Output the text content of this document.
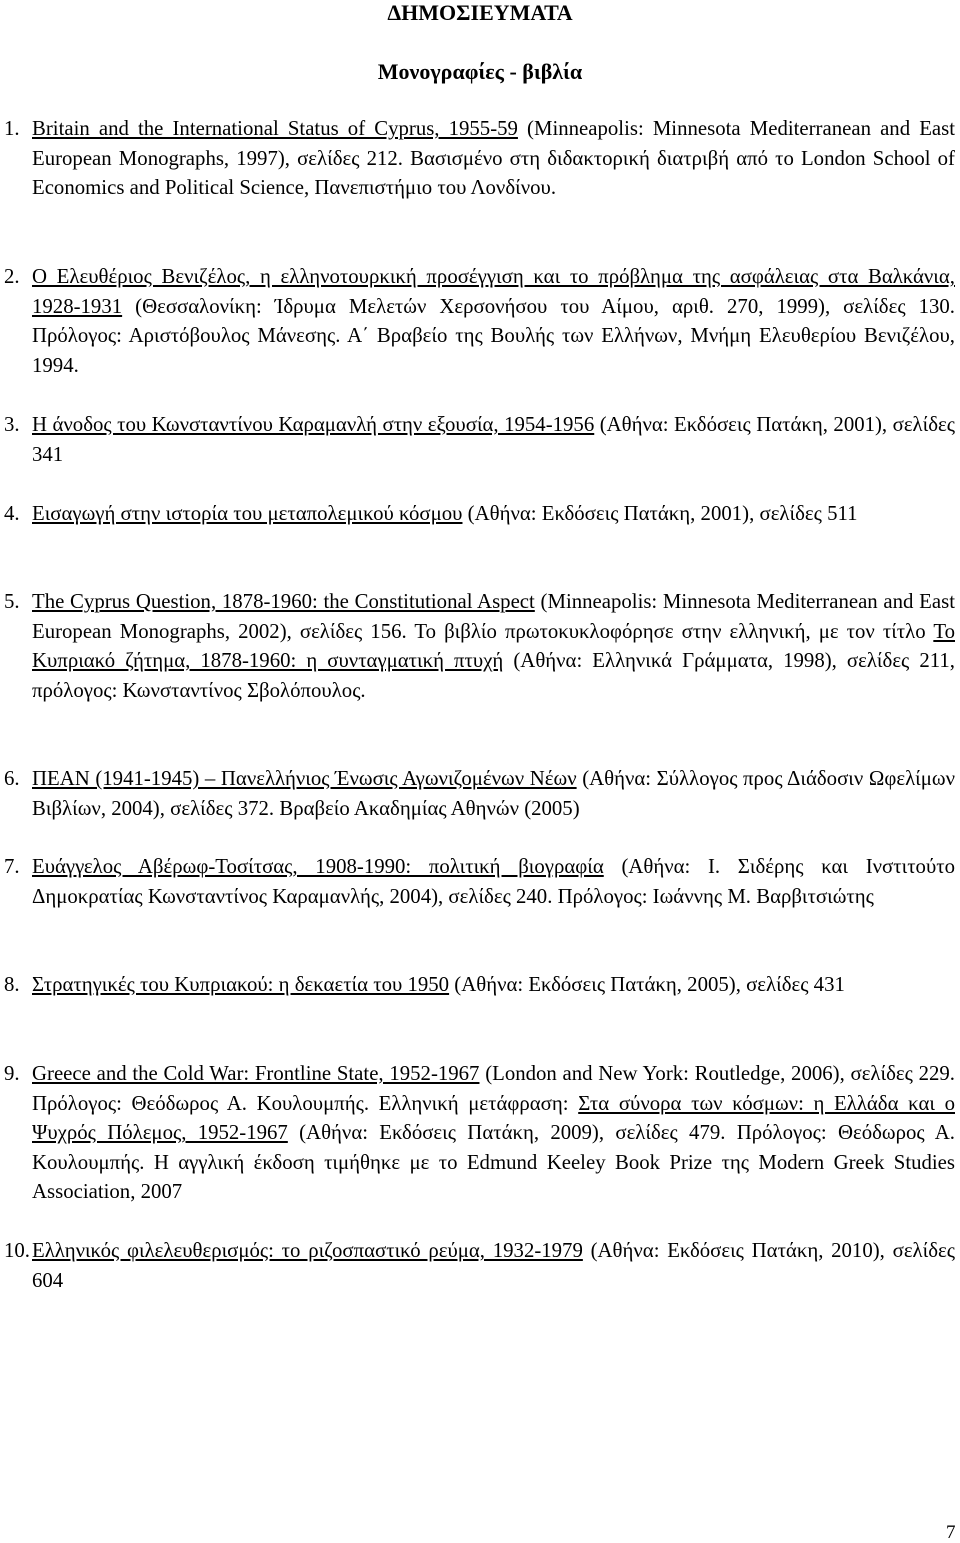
ΔΗΜΟΣΙΕΥΜΑΤΑ
Μονογραφίες - βιβλία
1. Britain and the International Status of Cyprus, 1955-59 (Minneapolis: Minnesota Mediterranean and East European Monographs, 1997), σελίδες 212. Βασισμένο στη διδακτορική διατριβή από το London School of Economics and Political Science, Πανεπιστήμιο του Λονδίνου.
2. Ο Ελευθέριος Βενιζέλος, η ελληνοτουρκική προσέγγιση και το πρόβλημα της ασφάλειας στα Βαλκάνια, 1928-1931 (Θεσσαλονίκη: Ίδρυμα Μελετών Χερσονήσου του Αίμου, αριθ. 270, 1999), σελίδες 130. Πρόλογος: Αριστόβουλος Μάνεσης. Α΄ Βραβείο της Βουλής των Ελλήνων, Μνήμη Ελευθερίου Βενιζέλου, 1994.
3. Η άνοδος του Κωνσταντίνου Καραμανλή στην εξουσία, 1954-1956 (Αθήνα: Εκδόσεις Πατάκη, 2001), σελίδες 341
4. Εισαγωγή στην ιστορία του μεταπολεμικού κόσμου (Αθήνα: Εκδόσεις Πατάκη, 2001), σελίδες 511
5. The Cyprus Question, 1878-1960: the Constitutional Aspect (Minneapolis: Minnesota Mediterranean and East European Monographs, 2002), σελίδες 156. Το βιβλίο πρωτοκυκλοφόρησε στην ελληνική, με τον τίτλο Το Κυπριακό ζήτημα, 1878-1960: η συνταγματική πτυχή (Αθήνα: Ελληνικά Γράμματα, 1998), σελίδες 211, πρόλογος: Κωνσταντίνος Σβολόπουλος.
6. ΠΕΑΝ (1941-1945) – Πανελλήνιος Ένωσις Αγωνιζομένων Νέων (Αθήνα: Σύλλογος προς Διάδοσιν Ωφελίμων Βιβλίων, 2004), σελίδες 372. Βραβείο Ακαδημίας Αθηνών (2005)
7. Ευάγγελος Αβέρωφ-Τοσίτσας, 1908-1990: πολιτική βιογραφία (Αθήνα: Ι. Σιδέρης και Ινστιτούτο Δημοκρατίας Κωνσταντίνος Καραμανλής, 2004), σελίδες 240. Πρόλογος: Ιωάννης Μ. Βαρβιτσιώτης
8. Στρατηγικές του Κυπριακού: η δεκαετία του 1950 (Αθήνα: Εκδόσεις Πατάκη, 2005), σελίδες 431
9. Greece and the Cold War: Frontline State, 1952-1967 (London and New York: Routledge, 2006), σελίδες 229. Πρόλογος: Θεόδωρος Α. Κουλουμπής. Ελληνική μετάφραση: Στα σύνορα των κόσμων: η Ελλάδα και ο Ψυχρός Πόλεμος, 1952-1967 (Αθήνα: Εκδόσεις Πατάκη, 2009), σελίδες 479. Πρόλογος: Θεόδωρος Α. Κουλουμπής. Η αγγλική έκδοση τιμήθηκε με το Edmund Keeley Book Prize της Modern Greek Studies Association, 2007
10. Ελληνικός φιλελευθερισμός: το ριζοσπαστικό ρεύμα, 1932-1979 (Αθήνα: Εκδόσεις Πατάκη, 2010), σελίδες 604
7
